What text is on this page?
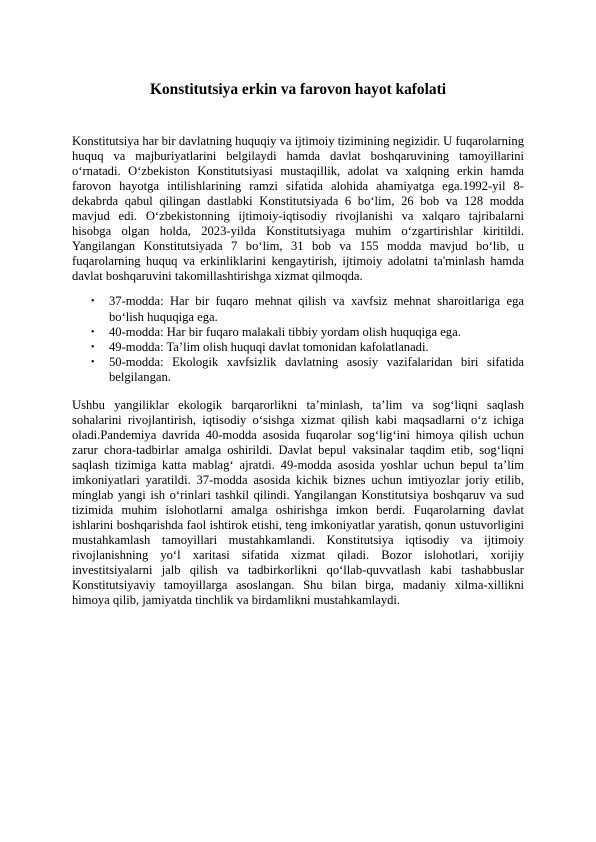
Konstitutsiya erkin va farovon hayot kafolati

Konstitutsiya har bir davlatning huquqiy va ijtimoiy tizimining negizidir. U fuqarolarning huquq va majburiyatlarini belgilaydi hamda davlat boshqaruvining tamoyillarini oʻrnatadi. Oʻzbekiston Konstitutsiyasi mustaqillik, adolat va xalqning erkin hamda farovon hayotga intilishlarining ramzi sifatida alohida ahamiyatga ega.1992-yil 8-dekabrda qabul qilingan dastlabki Konstitutsiyada 6 boʻlim, 26 bob va 128 modda mavjud edi. Oʻzbekistonning ijtimoiy-iqtisodiy rivojlanishi va xalqaro tajribalarni hisobga olgan holda, 2023-yilda Konstitutsiyaga muhim oʻzgartirishlar kiritildi. Yangilangan Konstitutsiyada 7 boʻlim, 31 bob va 155 modda mavjud boʻlib, u fuqarolarning huquq va erkinliklarini kengaytirish, ijtimoiy adolatni ta'minlash hamda davlat boshqaruvini takomillashtirishga xizmat qilmoqda.

• 37-modda: Har bir fuqaro mehnat qilish va xavfsiz mehnat sharoitlariga ega boʻlish huquqiga ega.
• 40-modda: Har bir fuqaro malakali tibbiy yordam olish huquqiga ega.
• 49-modda: Ta’lim olish huquqi davlat tomonidan kafolatlanadi.
• 50-modda: Ekologik xavfsizlik davlatning asosiy vazifalaridan biri sifatida belgilangan.

Ushbu yangiliklar ekologik barqarorlikni ta’minlash, ta’lim va sogʻliqni saqlash sohalarini rivojlantirish, iqtisodiy oʻsishga xizmat qilish kabi maqsadlarni oʻz ichiga oladi.Pandemiya davrida 40-modda asosida fuqarolar sogʻligʻini himoya qilish uchun zarur chora-tadbirlar amalga oshirildi. Davlat bepul vaksinalar taqdim etib, sogʻliqni saqlash tizimiga katta mablagʻ ajratdi. 49-modda asosida yoshlar uchun bepul ta’lim imkoniyatlari yaratildi. 37-modda asosida kichik biznes uchun imtiyozlar joriy etilib, minglab yangi ish oʻrinlari tashkil qilindi. Yangilangan Konstitutsiya boshqaruv va sud tizimida muhim islohotlarni amalga oshirishga imkon berdi. Fuqarolarning davlat ishlarini boshqarishda faol ishtirok etishi, teng imkoniyatlar yaratish, qonun ustuvorligini mustahkamlash tamoyillari mustahkamlandi. Konstitutsiya iqtisodiy va ijtimoiy rivojlanishning yoʻl xaritasi sifatida xizmat qiladi. Bozor islohotlari, xorijiy investitsiyalarni jalb qilish va tadbirkorlikni qoʻllab-quvvatlash kabi tashabbuslar Konstitutsiyaviy tamoyillarga asoslangan. Shu bilan birga, madaniy xilma-xillikni himoya qilib, jamiyatda tinchlik va birdamlikni mustahkamlaydi.
